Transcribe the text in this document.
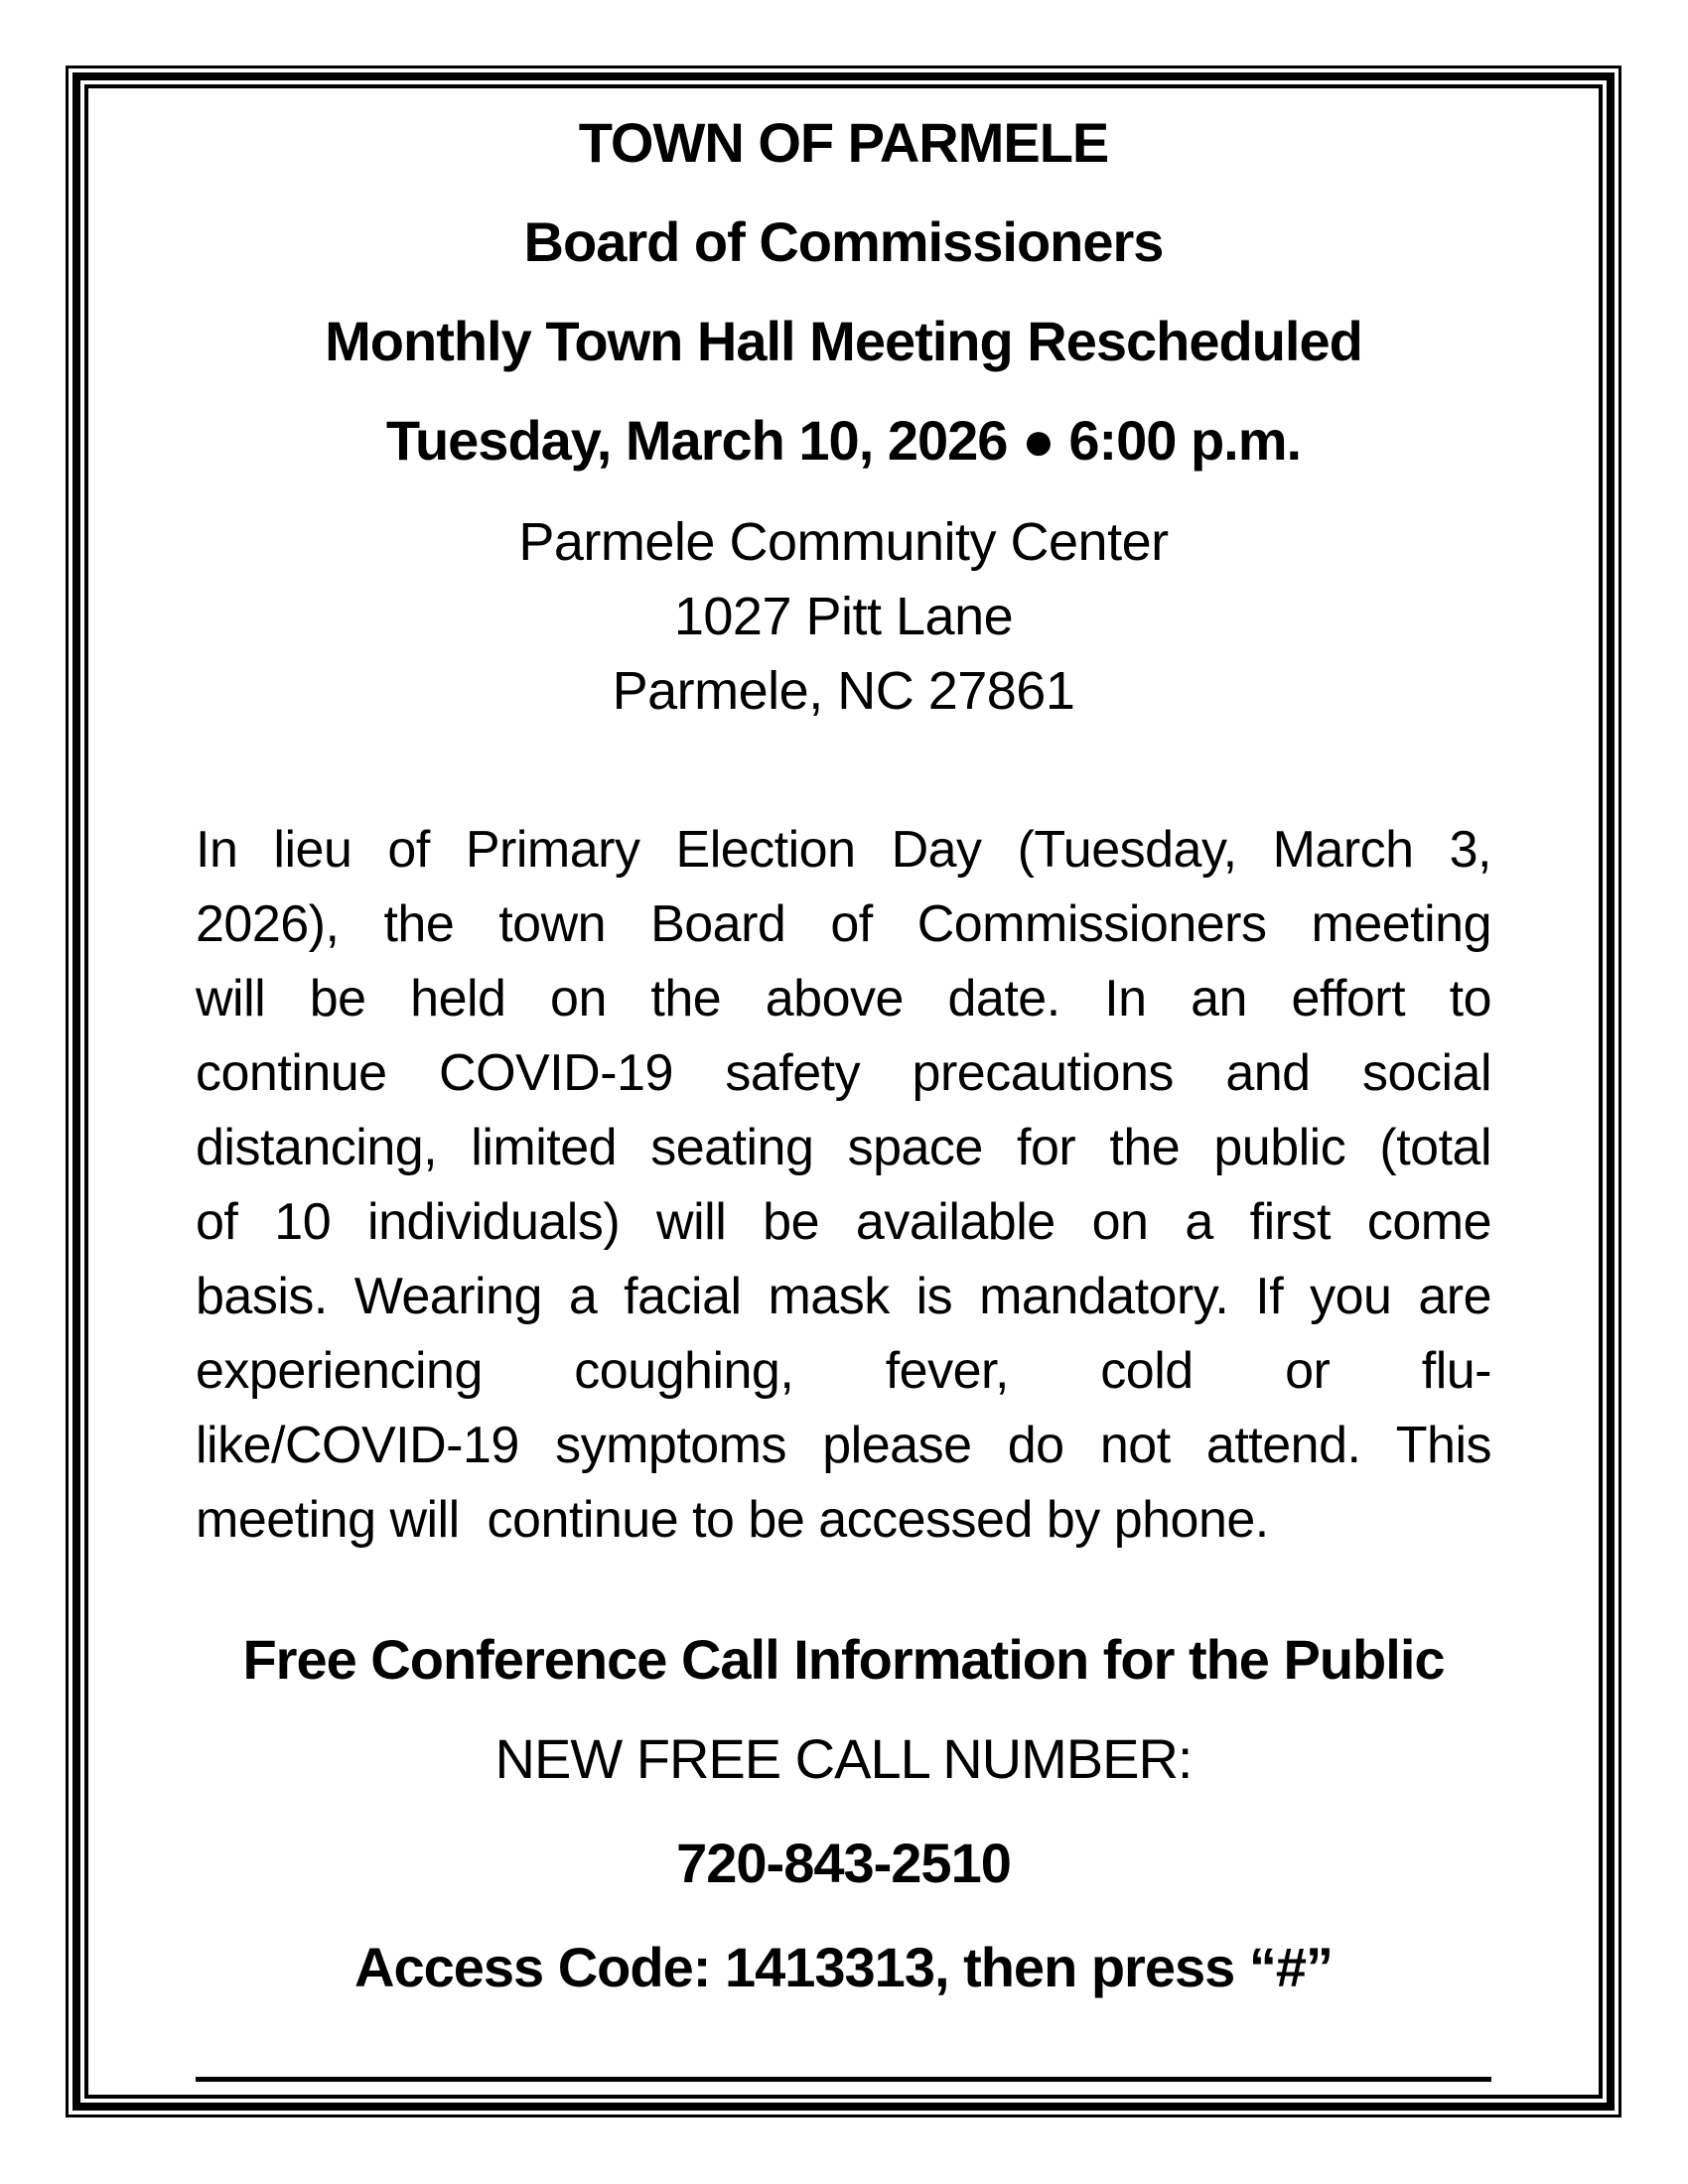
TOWN OF PARMELE
Board of Commissioners
Monthly Town Hall Meeting Rescheduled
Tuesday, March 10, 2026 ● 6:00 p.m.
Parmele Community Center
1027 Pitt Lane
Parmele, NC 27861
In lieu of Primary Election Day (Tuesday, March 3,
2026), the town Board of Commissioners meeting
will be held on the above date. In an effort to
continue COVID-19 safety precautions and social
distancing, limited seating space for the public (total
of 10 individuals) will be available on a first come
basis. Wearing a facial mask is mandatory. If you are
experiencing coughing, fever, cold or flu-
like/COVID-19 symptoms please do not attend. This
meeting will  continue to be accessed by phone.
Free Conference Call Information for the Public
NEW FREE CALL NUMBER:
720-843-2510
Access Code: 1413313, then press “#”
